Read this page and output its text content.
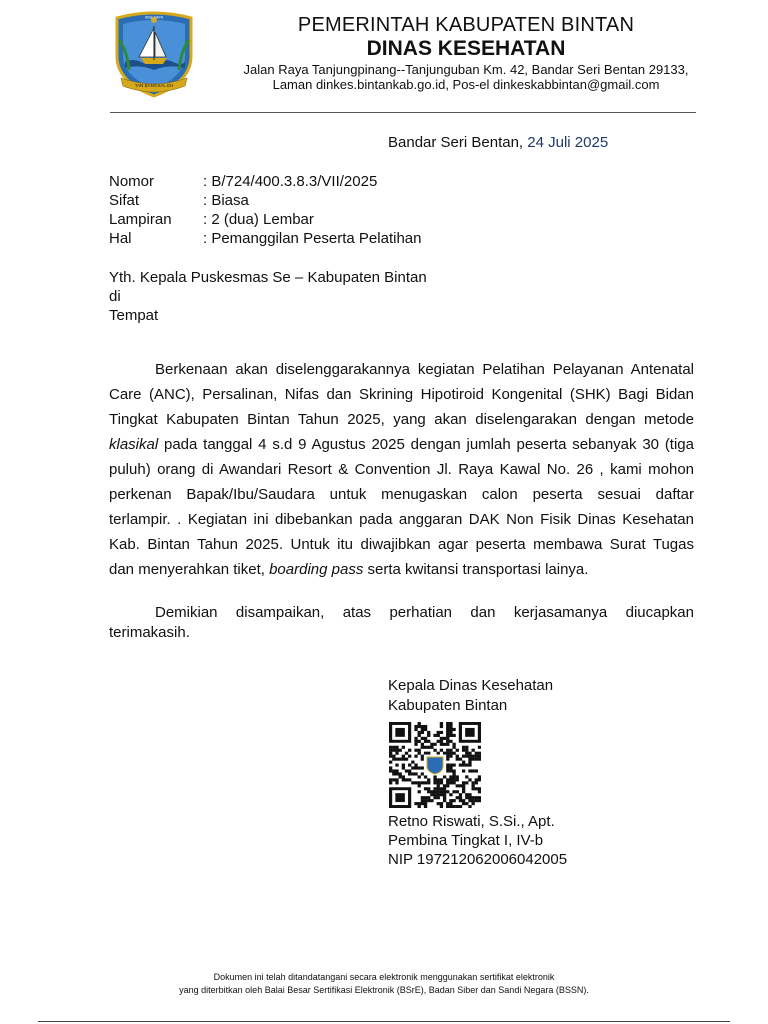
TAN BANGSAL EH
ISSE DAYA	PEMERINTAH KABUPATEN BINTAN
DINAS KESEHATAN
Jalan Raya Tanjungpinang--Tanjunguban Km. 42, Bandar Seri Bentan 29133,
Laman dinkes.bintankab.go.id, Pos-el dinkeskabbintan@gmail.com
Bandar Seri Bentan, 24 Juli 2025
Nomor	: B/724/400.3.8.3/VII/2025
Sifat	: Biasa
Lampiran : 2 (dua) Lembar
Hal	: Pemanggilan Peserta Pelatihan
Yth. Kepala Puskesmas Se – Kabupaten Bintan
di
Tempat
Berkenaan akan diselenggarakannya kegiatan Pelatihan Pelayanan Antenatal
Care (ANC), Persalinan, Nifas dan Skrining Hipotiroid Kongenital (SHK) Bagi Bidan
Tingkat Kabupaten Bintan Tahun 2025, yang akan diselengarakan dengan metode
klasikal pada tanggal 4 s.d 9 Agustus 2025 dengan jumlah peserta sebanyak 30 (tiga
puluh) orang di Awandari Resort & Convention Jl. Raya Kawal No. 26 , kami mohon
perkenan Bapak/Ibu/Saudara untuk menugaskan calon peserta sesuai daftar
terlampir. . Kegiatan ini dibebankan pada anggaran DAK Non Fisik Dinas Kesehatan
Kab. Bintan Tahun 2025. Untuk itu diwajibkan agar peserta membawa Surat Tugas
dan menyerahkan tiket, boarding pass serta kwitansi transportasi lainya.
Demikian disampaikan, atas perhatian dan kerjasamanya diucapkan
terimakasih.
Kepala Dinas Kesehatan
Kabupaten Bintan
Retno Riswati, S.Si., Apt.
Pembina Tingkat I, IV-b
NIP 197212062006042005
Dokumen ini telah ditandatangani secara elektronik menggunakan sertifikat elektronik
yang diterbitkan oleh Balai Besar Sertifikasi Elektronik (BSrE), Badan Siber dan Sandi Negara (BSSN).
